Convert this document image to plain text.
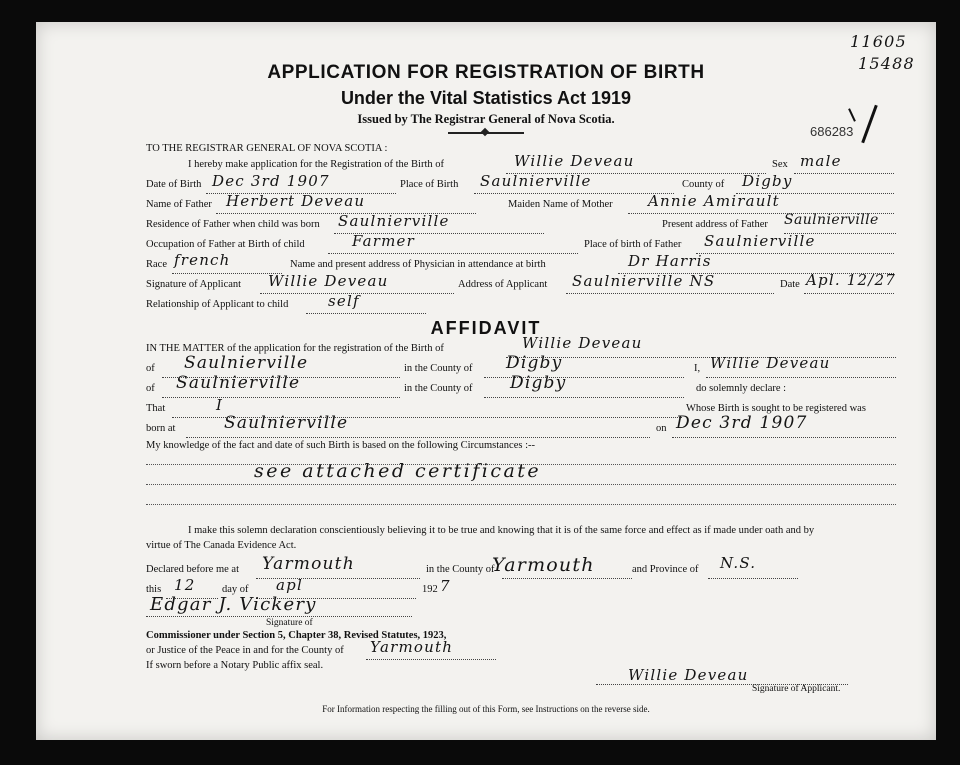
11605
15488
686283
APPLICATION FOR REGISTRATION OF BIRTH
Under the Vital Statistics Act 1919
Issued by The Registrar General of Nova Scotia.
TO THE REGISTRAR GENERAL OF NOVA SCOTIA :
I hereby make application for the Registration of the Birth of	Willie Deveau	Sex male
Date of Birth Dec 3rd 1907	Place of Birth Saulnierville	County of Digby
Name of Father Herbert Deveau	Maiden Name of Mother Annie Amirault
Residence of Father when child was born Saulnierville	Present address of Father Saulnierville
Occupation of Father at Birth of child	Farmer	Place of birth of Father Saulnierville
Race french	Name and present address of Physician in attendance at birth	Dr Harris
Signature of Applicant Willie Deveau	Address of Applicant Saulnierville NS	Date Apl. 12/27
Relationship of Applicant to child	self
AFFIDAVIT
IN THE MATTER of the application for the registration of the Birth of	Willie Deveau
of Saulnierville	in the County of Digby	I, Willie Deveau
of Saulnierville	in the County of Digby	do solemnly declare :
That	I	Whose Birth is sought to be registered was
born at	Saulnierville	on Dec 3rd 1907
My knowledge of the fact and date of such Birth is based on the following Circumstances :--
see attached certificate
I make this solemn declaration conscientiously believing it to be true and knowing that it is of the same force and effect as if made under oath and by
virtue of The Canada Evidence Act.
Declared before me at Yarmouth	in the County of
Yarmouth	and Province of N.S.
this 12	day of apl	192 7
Edgar J. Vickery
Signature of
Commissioner under Section 5, Chapter 38, Revised Statutes, 1923,
or Justice of the Peace in and for the County of Yarmouth
If sworn before a Notary Public affix seal.
Willie Deveau
Signature of Applicant.
For Information respecting the filling out of this Form, see Instructions on the reverse side.
